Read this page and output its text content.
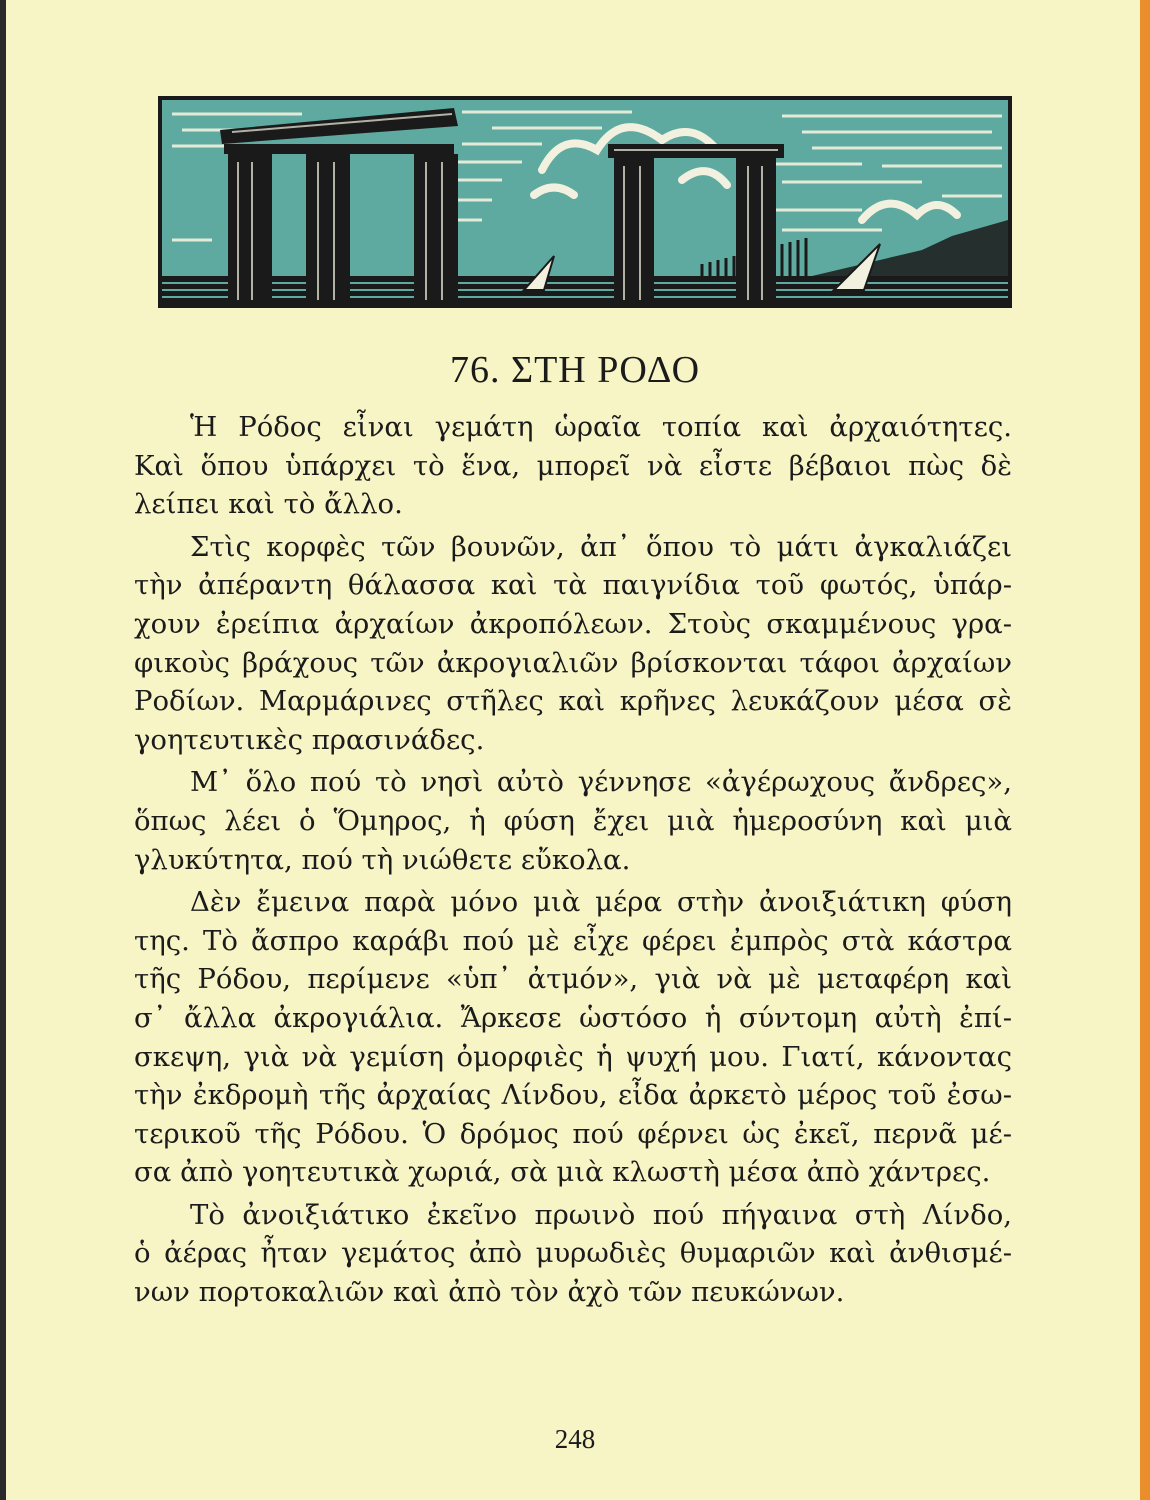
76. ΣΤΗ ΡΟΔΟ
Ἡ Ρόδος εἶναι γεμάτη ὡραῖα τοπία καὶ ἀρχαιότητες.
Καὶ ὅπου ὑπάρχει τὸ ἕνα, μπορεῖ νὰ εἶστε βέβαιοι πὼς δὲ
λείπει καὶ τὸ ἄλλο.
Στὶς κορφὲς τῶν βουνῶν, ἀπ᾽ ὅπου τὸ μάτι ἀγκαλιάζει
τὴν ἀπέραντη θάλασσα καὶ τὰ παιγνίδια τοῦ φωτός, ὑπάρ-
χουν ἐρείπια ἀρχαίων ἀκροπόλεων. Στοὺς σκαμμένους γρα-
φικοὺς βράχους τῶν ἀκρογιαλιῶν βρίσκονται τάφοι ἀρχαίων
Ροδίων. Μαρμάρινες στῆλες καὶ κρῆνες λευκάζουν μέσα σὲ
γοητευτικὲς πρασινάδες.
Μ᾽ ὅλο πού τὸ νησὶ αὐτὸ γέννησε «ἀγέρωχους ἄνδρες»,
ὅπως λέει ὁ Ὅμηρος, ἡ φύση ἔχει μιὰ ἡμεροσύνη καὶ μιὰ
γλυκύτητα, πού τὴ νιώθετε εὔκολα.
Δὲν ἔμεινα παρὰ μόνο μιὰ μέρα στὴν ἀνοιξιάτικη φύση
της. Τὸ ἄσπρο καράβι πού μὲ εἶχε φέρει ἐμπρὸς στὰ κάστρα
τῆς Ρόδου, περίμενε «ὑπ᾽ ἀτμόν», γιὰ νὰ μὲ μεταφέρη καὶ
σ᾽ ἄλλα ἀκρογιάλια. Ἄρκεσε ὡστόσο ἡ σύντομη αὐτὴ ἐπί-
σκεψη, γιὰ νὰ γεμίση ὀμορφιὲς ἡ ψυχή μου. Γιατί, κάνοντας
τὴν ἐκδρομὴ τῆς ἀρχαίας Λίνδου, εἶδα ἀρκετὸ μέρος τοῦ ἐσω-
τερικοῦ τῆς Ρόδου. Ὁ δρόμος πού φέρνει ὡς ἐκεῖ, περνᾶ μέ-
σα ἀπὸ γοητευτικὰ χωριά, σὰ μιὰ κλωστὴ μέσα ἀπὸ χάντρες.
Τὸ ἀνοιξιάτικο ἐκεῖνο πρωινὸ πού πήγαινα στὴ Λίνδο,
ὁ ἀέρας ἦταν γεμάτος ἀπὸ μυρωδιὲς θυμαριῶν καὶ ἀνθισμέ-
νων πορτοκαλιῶν καὶ ἀπὸ τὸν ἀχὸ τῶν πευκώνων.
248
